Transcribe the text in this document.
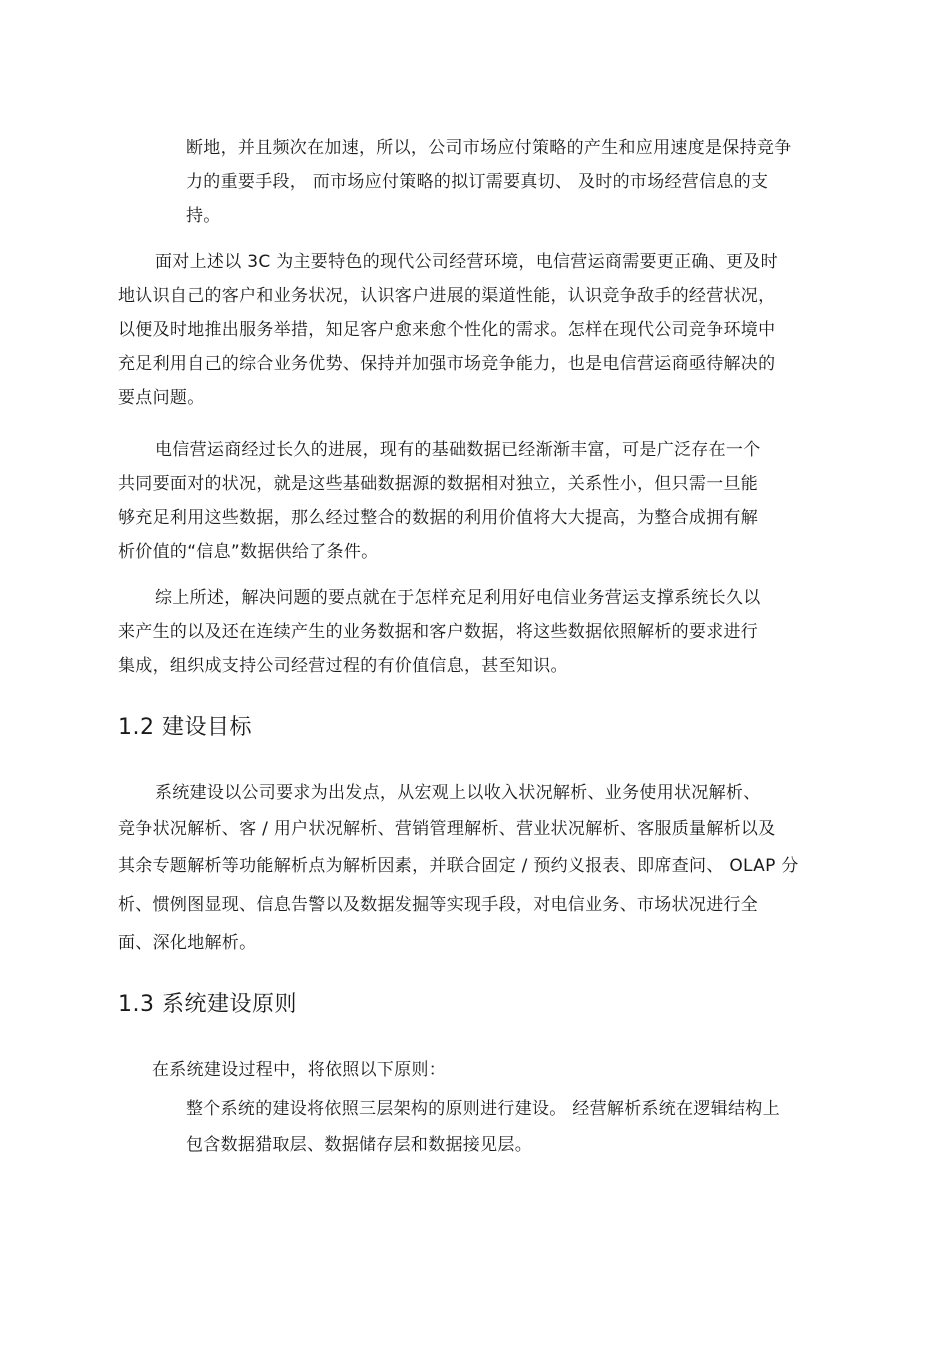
断地，并且频次在加速，所以，公司市场应付策略的产生和应用速度是保持竞争
力的重要手段， 而市场应付策略的拟订需要真切、 及时的市场经营信息的支
持。
面对上述以 3C 为主要特色的现代公司经营环境，电信营运商需要更正确、更及时
地认识自己的客户和业务状况，认识客户进展的渠道性能，认识竞争敌手的经营状况，
以便及时地推出服务举措，知足客户愈来愈个性化的需求。怎样在现代公司竞争环境中
充足利用自己的综合业务优势、保持并加强市场竞争能力，也是电信营运商亟待解决的
要点问题。
电信营运商经过长久的进展，现有的基础数据已经渐渐丰富，可是广泛存在一个
共同要面对的状况，就是这些基础数据源的数据相对独立，关系性小，但只需一旦能
够充足利用这些数据，那么经过整合的数据的利用价值将大大提高，为整合成拥有解
析价值的“信息”数据供给了条件。
综上所述，解决问题的要点就在于怎样充足利用好电信业务营运支撑系统长久以
来产生的以及还在连续产生的业务数据和客户数据，将这些数据依照解析的要求进行
集成，组织成支持公司经营过程的有价值信息，甚至知识。
1.2 建设目标
系统建设以公司要求为出发点，从宏观上以收入状况解析、业务使用状况解析、
竞争状况解析、客 / 用户状况解析、营销管理解析、营业状况解析、客服质量解析以及
其余专题解析等功能解析点为解析因素，并联合固定 / 预约义报表、即席查问、 OLAP 分
析、惯例图显现、信息告警以及数据发掘等实现手段，对电信业务、市场状况进行全
面、深化地解析。
1.3 系统建设原则
在系统建设过程中，将依照以下原则：
整个系统的建设将依照三层架构的原则进行建设。 经营解析系统在逻辑结构上
包含数据猎取层、数据储存层和数据接见层。
